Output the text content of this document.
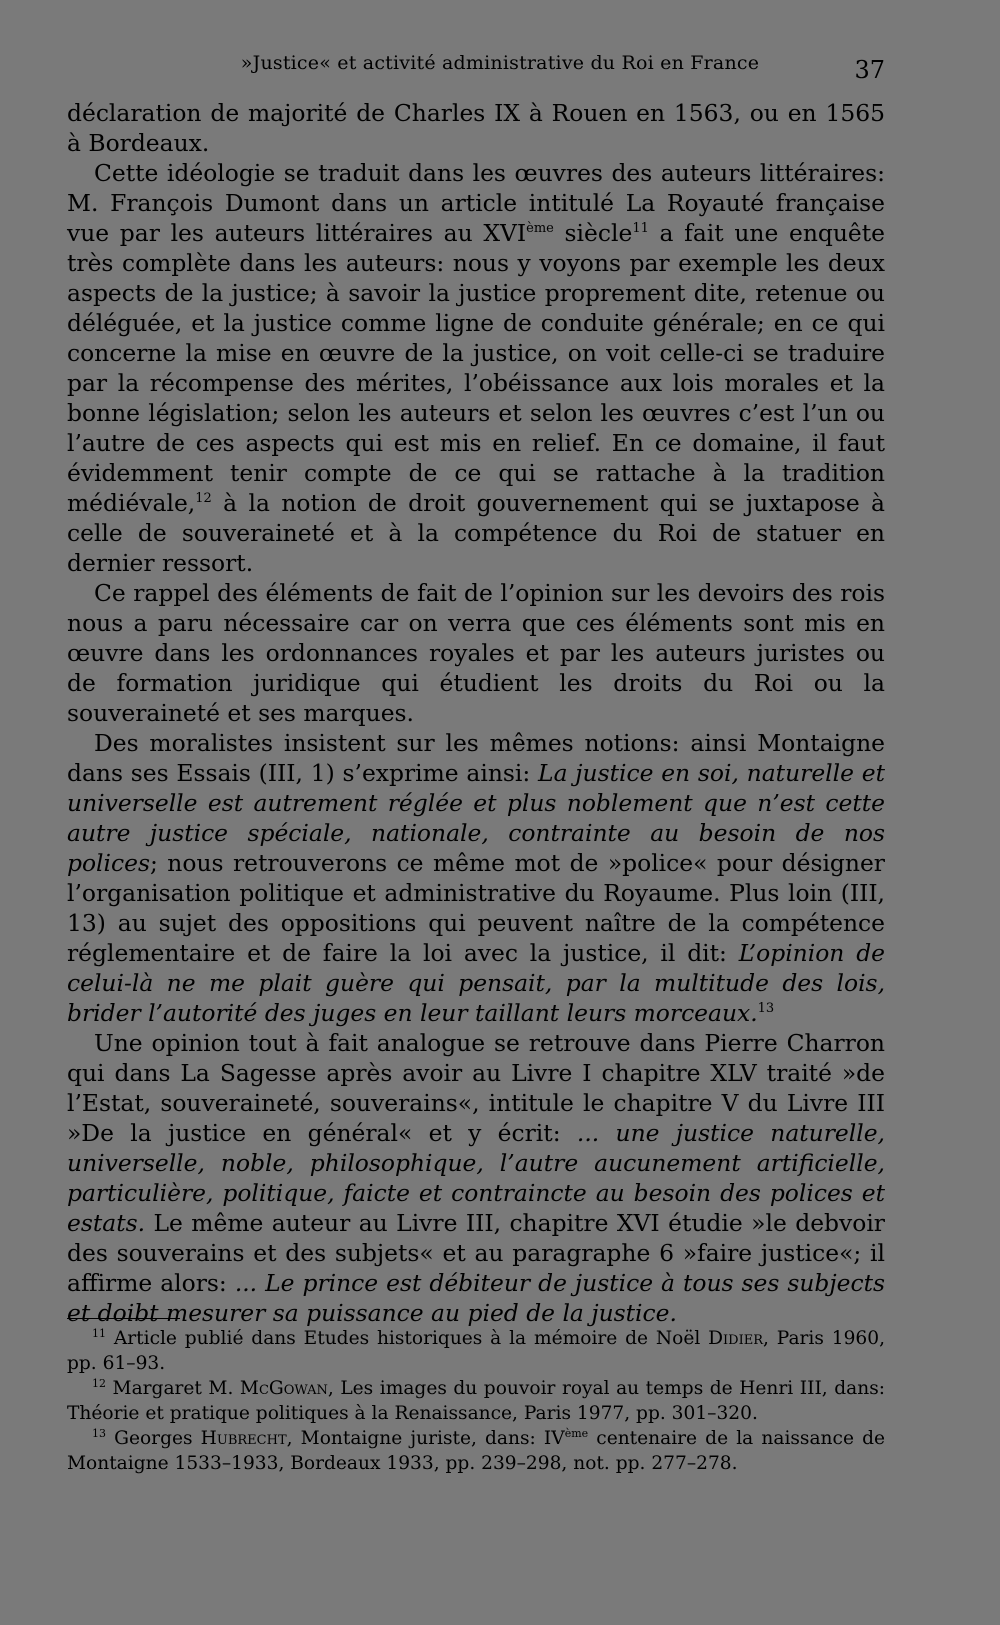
»Justice« et activité administrative du Roi en France	37

déclaration de majorité de Charles IX à Rouen en 1563, ou en 1565 à Bordeaux.

Cette idéologie se traduit dans les œuvres des auteurs littéraires: M. François Dumont dans un article intitulé La Royauté française vue par les auteurs littéraires au XVIème siècle$^{11}$ a fait une enquête très complète dans les auteurs: nous y voyons par exemple les deux aspects de la justice; à savoir la justice proprement dite, retenue ou déléguée, et la justice comme ligne de conduite générale; en ce qui concerne la mise en œuvre de la justice, on voit celle-ci se traduire par la récompense des mérites, l’obéissance aux lois morales et la bonne législation; selon les auteurs et selon les œuvres c’est l’un ou l’autre de ces aspects qui est mis en relief. En ce domaine, il faut évidemment tenir compte de ce qui se rattache à la tradition médiévale,$^{12}$ à la notion de droit gouvernement qui se juxtapose à celle de souveraineté et à la compétence du Roi de statuer en dernier ressort.

Ce rappel des éléments de fait de l’opinion sur les devoirs des rois nous a paru nécessaire car on verra que ces éléments sont mis en œuvre dans les ordonnances royales et par les auteurs juristes ou de formation juridique qui étudient les droits du Roi ou la souveraineté et ses marques.

Des moralistes insistent sur les mêmes notions: ainsi Montaigne dans ses Essais (III, 1) s’exprime ainsi: La justice en soi, naturelle et universelle est autrement réglée et plus noblement que n’est cette autre justice spéciale, nationale, contrainte au besoin de nos polices; nous retrouverons ce même mot de »police« pour désigner l’organisation politique et administrative du Royaume. Plus loin (III, 13) au sujet des oppositions qui peuvent naître de la compétence réglementaire et de faire la loi avec la justice, il dit: L’opinion de celui-là ne me plait guère qui pensait, par la multitude des lois, brider l’autorité des juges en leur taillant leurs morceaux.$^{13}$

Une opinion tout à fait analogue se retrouve dans Pierre Charron qui dans La Sagesse après avoir au Livre I chapitre XLV traité »de l’Estat, souveraineté, souverains«, intitule le chapitre V du Livre III »De la justice en général« et y écrit: ... une justice naturelle, universelle, noble, philosophique, l’autre aucunement artificielle, particulière, politique, faicte et contraincte au besoin des polices et estats. Le même auteur au Livre III, chapitre XVI étudie »le debvoir des souverains et des subjets« et au paragraphe 6 »faire justice«; il affirme alors: ... Le prince est débiteur de justice à tous ses subjects et doibt mesurer sa puissance au pied de la justice.

$^{11}$ Article publié dans Etudes historiques à la mémoire de Noël Didier, Paris 1960, pp. 61–93.

$^{12}$ Margaret M. McGowan, Les images du pouvoir royal au temps de Henri III, dans: Théorie et pratique politiques à la Renaissance, Paris 1977, pp. 301–320.

$^{13}$ Georges Hubrecht, Montaigne juriste, dans: IVème centenaire de la naissance de Montaigne 1533–1933, Bordeaux 1933, pp. 239–298, not. pp. 277–278.
